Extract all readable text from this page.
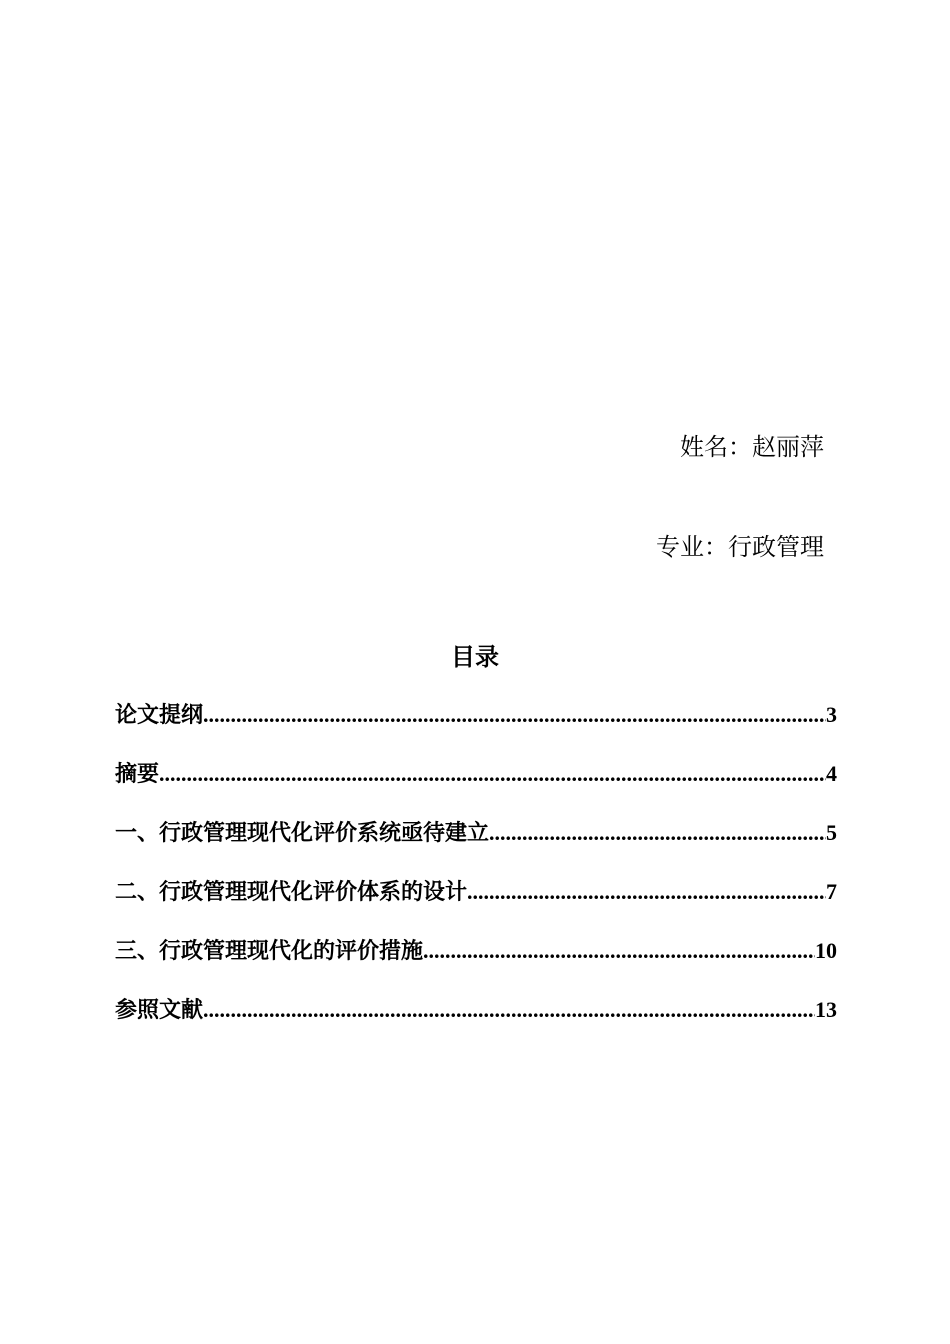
姓名：赵丽萍
专业：行政管理
目录
论文提纲 .....	3
摘要 .....	4
一、行政管理现代化评价系统亟待建立 .....	5
二、行政管理现代化评价体系的设计 .....	7
三、行政管理现代化的评价措施 .....	10
参照文献 .....	13
